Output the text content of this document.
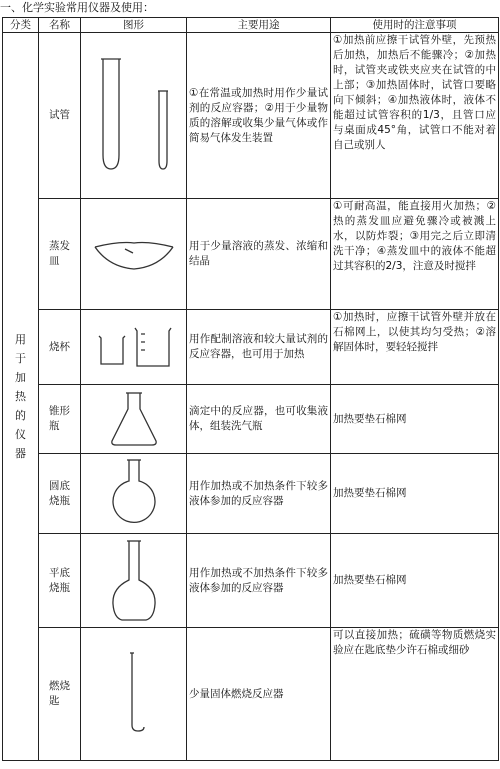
一、化学实验常用仪器及使用：
分类	名称	图形	主要用途	使用时的注意事项
用于加热的仪器	试管		①在常温或加热时用作少量试剂的反应容器；②用于少量物质的溶解或收集少量气体或作简易气体发生装置	①加热前应擦干试管外壁，先预热后加热，加热后不能骤冷；②加热时，试管夹或铁夹应夹在试管的中上部；③加热固体时，试管口要略向下倾斜；④加热液体时，液体不能超过试管容积的1/3，且管口应与桌面成45°角，试管口不能对着自己或别人
	蒸发皿		用于少量溶液的蒸发、浓缩和结晶	①可耐高温，能直接用火加热；②热的蒸发皿应避免骤冷或被溅上水，以防炸裂；③用完之后立即清洗干净；④蒸发皿中的液体不能超过其容积的2/3，注意及时搅拌
	烧杯		用作配制溶液和较大量试剂的反应容器，也可用于加热	①加热时，应擦干试管外壁并放在石棉网上，以使其均匀受热；②溶解固体时，要轻轻搅拌
	锥形瓶		滴定中的反应器，也可收集液体，组装洗气瓶	加热要垫石棉网
	圆底烧瓶		用作加热或不加热条件下较多液体参加的反应容器	加热要垫石棉网
	平底烧瓶		用作加热或不加热条件下较多液体参加的反应容器	加热要垫石棉网
	燃烧匙		少量固体燃烧反应器	可以直接加热；硫磺等物质燃烧实验应在匙底垫少许石棉或细砂
